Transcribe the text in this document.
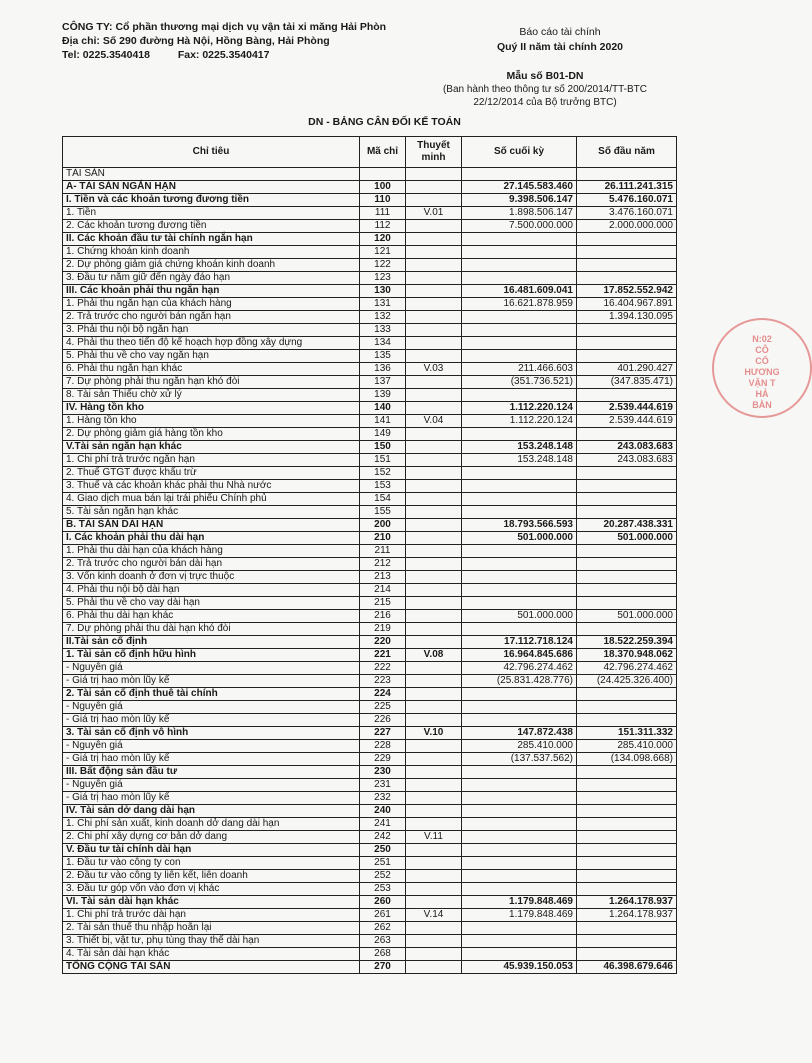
CÔNG TY: Cổ phần thương mại dịch vụ vận tải xi măng Hải Phòn
Địa chỉ: Số 290 đường Hà Nội, Hồng Bàng, Hải Phòng
Tel: 0225.3540418	Fax: 0225.3540417
Báo cáo tài chính
Quý II năm tài chính 2020
Mẫu số B01-DN
(Ban hành theo thông tư số 200/2014/TT-BTC
22/12/2014 của Bộ trưởng BTC)
DN - BẢNG CÂN ĐỐI KẾ TOÁN
Chỉ tiêu	Mã chỉ	Thuyết minh	Số cuối kỳ	Số đầu năm
TÀI SẢN				
A- TÀI SẢN NGẮN HẠN	100		27.145.583.460	26.111.241.315
I. Tiền và các khoản tương đương tiền	110		9.398.506.147	5.476.160.071
1. Tiền	111	V.01	1.898.506.147	3.476.160.071
2. Các khoản tương đương tiền	112		7.500.000.000	2.000.000.000
II. Các khoản đầu tư tài chính ngắn hạn	120			
1. Chứng khoán kinh doanh	121			
2. Dự phòng giảm giá chứng khoán kinh doanh	122			
3. Đầu tư nắm giữ đến ngày đáo hạn	123			
III. Các khoản phải thu ngắn hạn	130		16.481.609.041	17.852.552.942
1. Phải thu ngắn hạn của khách hàng	131		16.621.878.959	16.404.967.891
2. Trả trước cho người bán ngắn hạn	132			1.394.130.095
3. Phải thu nội bộ ngắn hạn	133			
4. Phải thu theo tiến độ kế hoạch hợp đồng xây dựng	134			
5. Phải thu về cho vay ngắn hạn	135			
6. Phải thu ngắn hạn khác	136	V.03	211.466.603	401.290.427
7. Dự phòng phải thu ngắn hạn khó đòi	137		(351.736.521)	(347.835.471)
8. Tài sản Thiếu chờ xử lý	139			
IV. Hàng tồn kho	140		1.112.220.124	2.539.444.619
1. Hàng tồn kho	141	V.04	1.112.220.124	2.539.444.619
2. Dự phòng giảm giá hàng tồn kho	149			
V.Tài sản ngắn hạn khác	150		153.248.148	243.083.683
1. Chi phí trả trước ngắn hạn	151		153.248.148	243.083.683
2. Thuế GTGT được khấu trừ	152			
3. Thuế và các khoản khác phải thu Nhà nước	153			
4. Giao dịch mua bán lại trái phiếu Chính phủ	154			
5. Tài sản ngắn hạn khác	155			
B. TÀI SẢN DÀI HẠN	200		18.793.566.593	20.287.438.331
I. Các khoản phải thu dài hạn	210		501.000.000	501.000.000
1. Phải thu dài hạn của khách hàng	211			
2. Trả trước cho người bán dài hạn	212			
3. Vốn kinh doanh ở đơn vị trực thuộc	213			
4. Phải thu nội bộ dài hạn	214			
5. Phải thu về cho vay dài hạn	215			
6. Phải thu dài hạn khác	216		501.000.000	501.000.000
7. Dự phòng phải thu dài hạn khó đòi	219			
II.Tài sản cố định	220		17.112.718.124	18.522.259.394
1. Tài sản cố định hữu hình	221	V.08	16.964.845.686	18.370.948.062
- Nguyên giá	222		42.796.274.462	42.796.274.462
- Giá trị hao mòn lũy kế	223		(25.831.428.776)	(24.425.326.400)
2. Tài sản cố định thuê tài chính	224			
- Nguyên giá	225			
- Giá trị hao mòn lũy kế	226			
3. Tài sản cố định vô hình	227	V.10	147.872.438	151.311.332
- Nguyên giá	228		285.410.000	285.410.000
- Giá trị hao mòn lũy kế	229		(137.537.562)	(134.098.668)
III. Bất động sản đầu tư	230			
- Nguyên giá	231			
- Giá trị hao mòn lũy kế	232			
IV. Tài sản dở dang dài hạn	240			
1. Chi phí sản xuất, kinh doanh dở dang dài hạn	241			
2. Chi phí xây dựng cơ bản dở dang	242	V.11		
V. Đầu tư tài chính dài hạn	250			
1. Đầu tư vào công ty con	251			
2. Đầu tư vào công ty liên kết, liên doanh	252			
3. Đầu tư góp vốn vào đơn vị khác	253			
VI. Tài sản dài hạn khác	260		1.179.848.469	1.264.178.937
1. Chi phí trả trước dài hạn	261	V.14	1.179.848.469	1.264.178.937
2. Tài sản thuế thu nhập hoãn lại	262			
3. Thiết bị, vật tư, phụ tùng thay thế dài hạn	263			
4. Tài sản dài hạn khác	268			
TỔNG CỘNG TÀI SẢN	270		45.939.150.053	46.398.679.646
N:02
CÔ
CỔ
HƯƠNG
VẬN T
HẢ
BÀN
